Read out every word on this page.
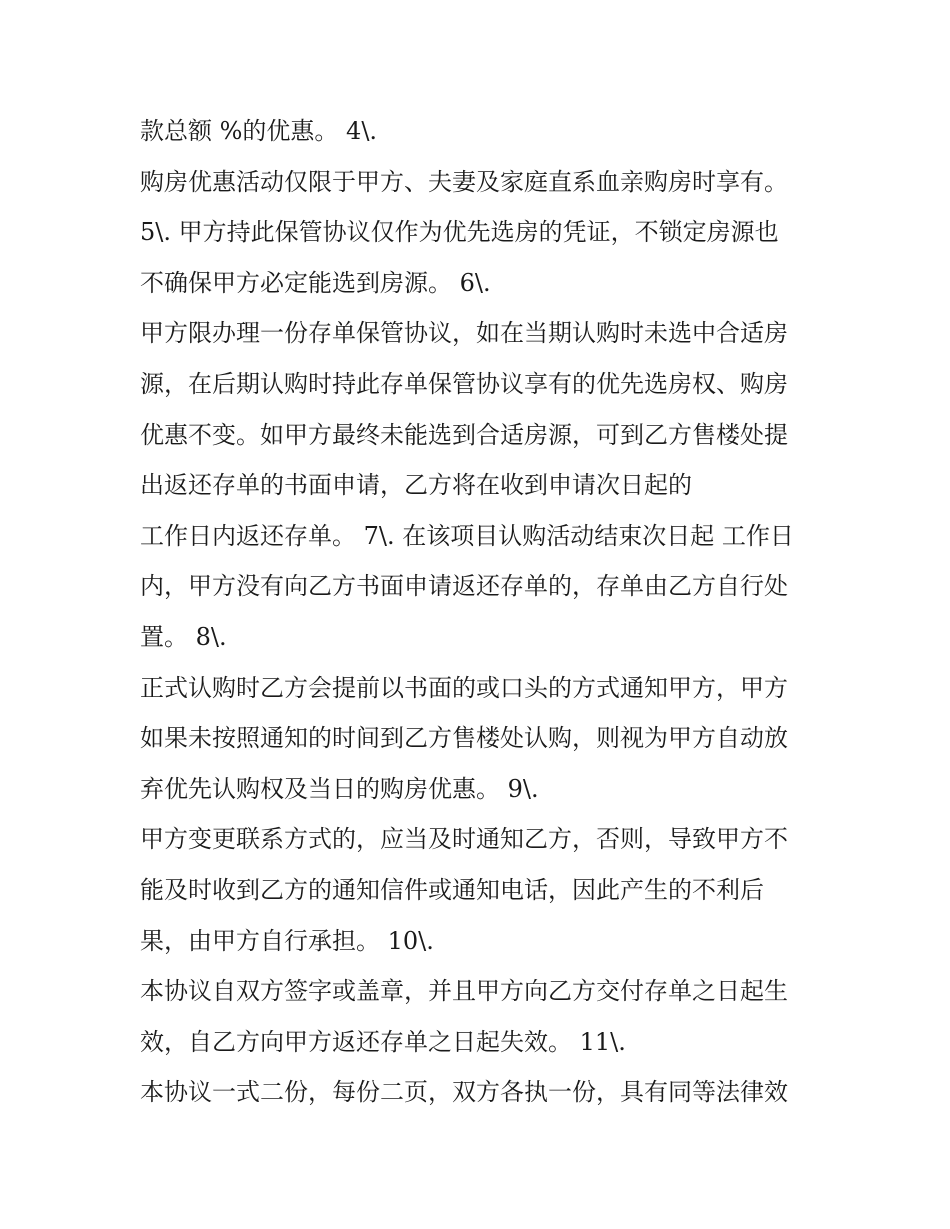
款总额 %的优惠。 4\.
购房优惠活动仅限于甲方、夫妻及家庭直系血亲购房时享有。
5\. 甲方持此保管协议仅作为优先选房的凭证，不锁定房源也
不确保甲方必定能选到房源。 6\.
甲方限办理一份存单保管协议，如在当期认购时未选中合适房
源，在后期认购时持此存单保管协议享有的优先选房权、购房
优惠不变。如甲方最终未能选到合适房源，可到乙方售楼处提
出返还存单的书面申请，乙方将在收到申请次日起的
工作日内返还存单。 7\. 在该项目认购活动结束次日起 工作日
内，甲方没有向乙方书面申请返还存单的，存单由乙方自行处
置。 8\.
正式认购时乙方会提前以书面的或口头的方式通知甲方，甲方
如果未按照通知的时间到乙方售楼处认购，则视为甲方自动放
弃优先认购权及当日的购房优惠。 9\.
甲方变更联系方式的，应当及时通知乙方，否则，导致甲方不
能及时收到乙方的通知信件或通知电话，因此产生的不利后
果，由甲方自行承担。 10\.
本协议自双方签字或盖章，并且甲方向乙方交付存单之日起生
效，自乙方向甲方返还存单之日起失效。 11\.
本协议一式二份，每份二页，双方各执一份，具有同等法律效
